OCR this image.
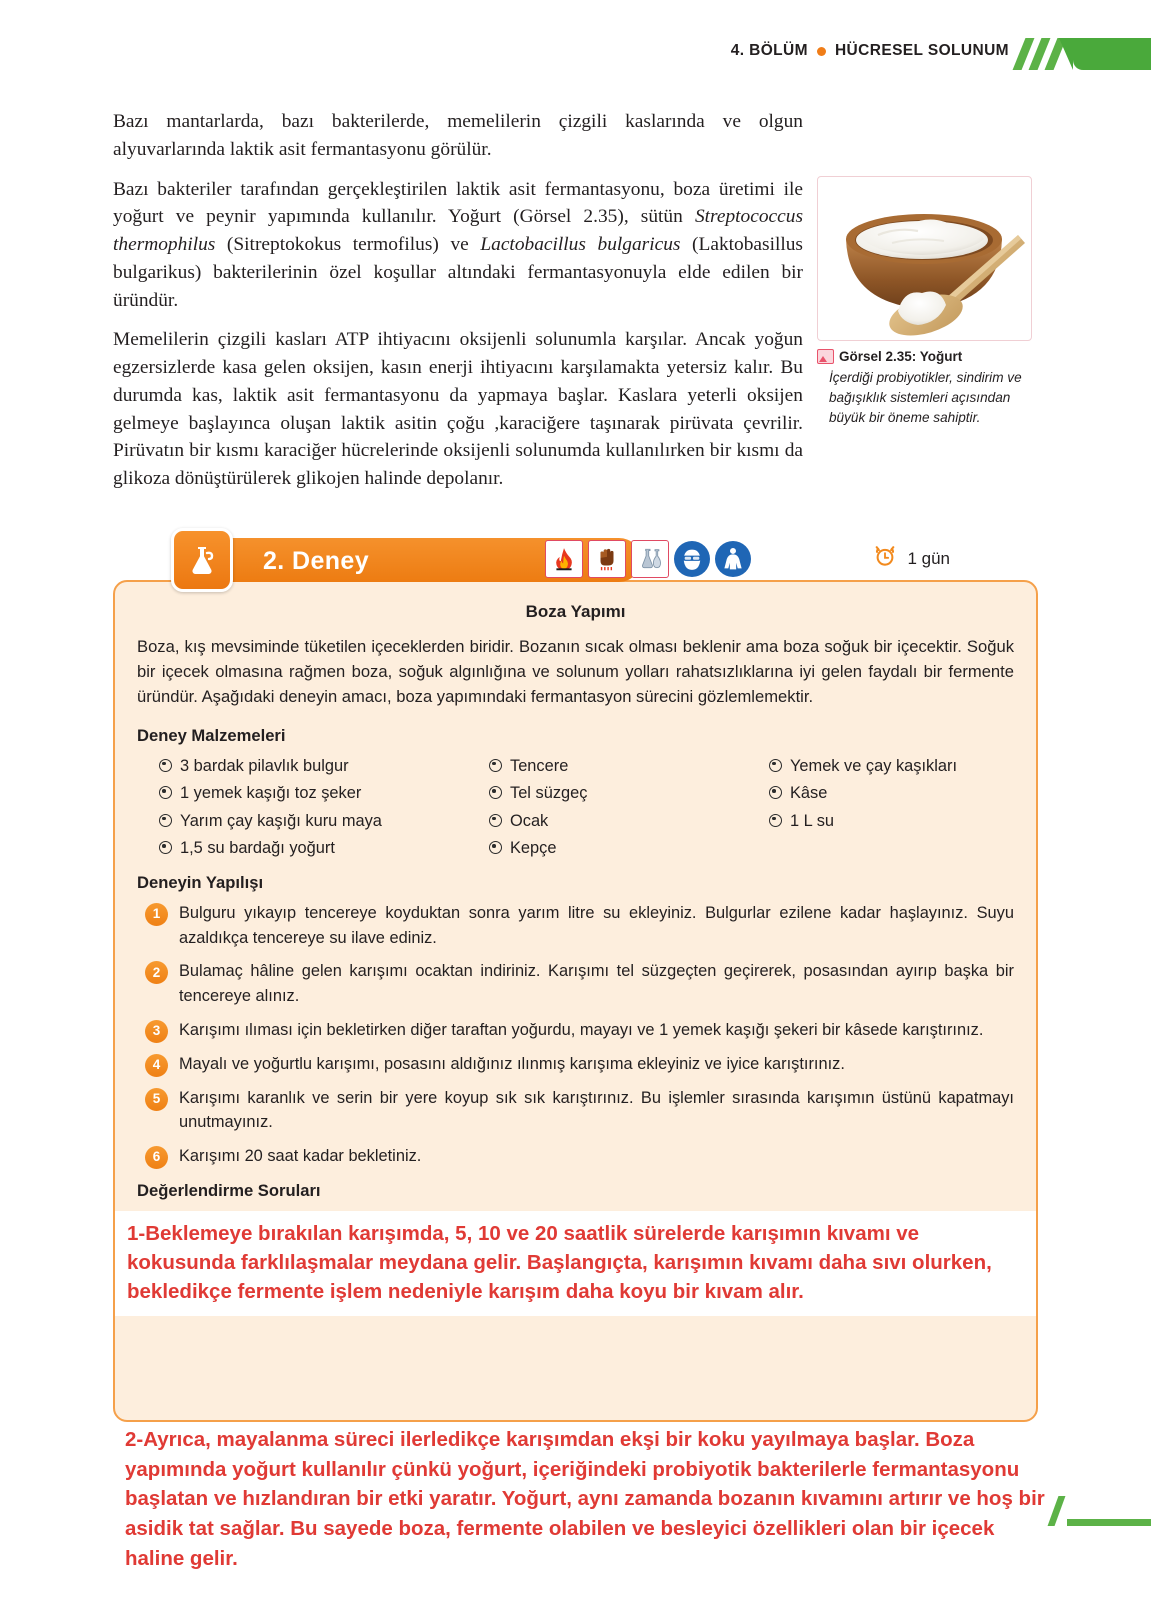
4. BÖLÜM HÜCRESEL SOLUNUM

Bazı mantarlarda, bazı bakterilerde, memelilerin çizgili kaslarında ve olgun alyuvarlarında laktik asit fermantasyonu görülür.

Bazı bakteriler tarafından gerçekleştirilen laktik asit fermantasyonu, boza üretimi ile yoğurt ve peynir yapımında kullanılır. Yoğurt (Görsel 2.35), sütün Streptococcus thermophilus (Sitreptokokus termofilus) ve Lactobacillus bulgaricus (Laktobasillus bulgarikus) bakterilerinin özel koşullar altındaki fermantasyonuyla elde edilen bir üründür.

Memelilerin çizgili kasları ATP ihtiyacını oksijenli solunumla karşılar. Ancak yoğun egzersizlerde kasa gelen oksijen, kasın enerji ihtiyacını karşılamakta yetersiz kalır. Bu durumda kas, laktik asit fermantasyonu da yapmaya başlar. Kaslara yeterli oksijen gelmeye başlayınca oluşan laktik asitin çoğu ,karaciğere taşınarak pirüvata çevrilir. Pirüvatın bir kısmı karaciğer hücrelerinde oksijenli solunumda kullanılırken bir kısmı da glikoza dönüştürülerek glikojen halinde depolanır.

Görsel 2.35: Yoğurt
İçerdiği probiyotikler, sindirim ve bağışıklık sistemleri açısından büyük bir öneme sahiptir.
2. Deney	1 gün
Boza Yapımı

Boza, kış mevsiminde tüketilen içeceklerden biridir. Bozanın sıcak olması beklenir ama boza soğuk bir içecektir. Soğuk bir içecek olmasına rağmen boza, soğuk algınlığına ve solunum yolları rahatsızlıklarına iyi gelen faydalı bir fermente üründür. Aşağıdaki deneyin amacı, boza yapımındaki fermantasyon sürecini gözlemlemektir.

Deney Malzemeleri
3 bardak pilavlık bulgur	Tencere	Yemek ve çay kaşıkları
1 yemek kaşığı toz şeker	Tel süzgeç	Kâse
Yarım çay kaşığı kuru maya	Ocak	1 L su
1,5 su bardağı yoğurt	Kepçe
Deneyin Yapılışı
1	Bulguru yıkayıp tencereye koyduktan sonra yarım litre su ekleyiniz. Bulgurlar ezilene kadar haşlayınız. Suyu azaldıkça tencereye su ilave ediniz.
2	Bulamaç hâline gelen karışımı ocaktan indiriniz. Karışımı tel süzgeçten geçirerek, posasından ayırıp başka bir tencereye alınız.
3	Karışımı ılıması için bekletirken diğer taraftan yoğurdu, mayayı ve 1 yemek kaşığı şekeri bir kâsede karıştırınız.
4	Mayalı ve yoğurtlu karışımı, posasını aldığınız ılınmış karışıma ekleyiniz ve iyice karıştırınız.
5	Karışımı karanlık ve serin bir yere koyup sık sık karıştırınız. Bu işlemler sırasında karışımın üstünü kapatmayı unutmayınız.
6	Karışımı 20 saat kadar bekletiniz.
Değerlendirme Soruları
1-Beklemeye bırakılan karışımda, 5, 10 ve 20 saatlik sürelerde karışımın kıvamı ve kokusunda farklılaşmalar meydana gelir. Başlangıçta, karışımın kıvamı daha sıvı olurken, bekledikçe fermente işlem nedeniyle karışım daha koyu bir kıvam alır.
2-Ayrıca, mayalanma süreci ilerledikçe karışımdan ekşi bir koku yayılmaya başlar. Boza yapımında yoğurt kullanılır çünkü yoğurt, içeriğindeki probiyotik bakterilerle fermantasyonu başlatan ve hızlandıran bir etki yaratır. Yoğurt, aynı zamanda bozanın kıvamını artırır ve hoş bir asidik tat sağlar. Bu sayede boza, fermente olabilen ve besleyici özellikleri olan bir içecek haline gelir.
